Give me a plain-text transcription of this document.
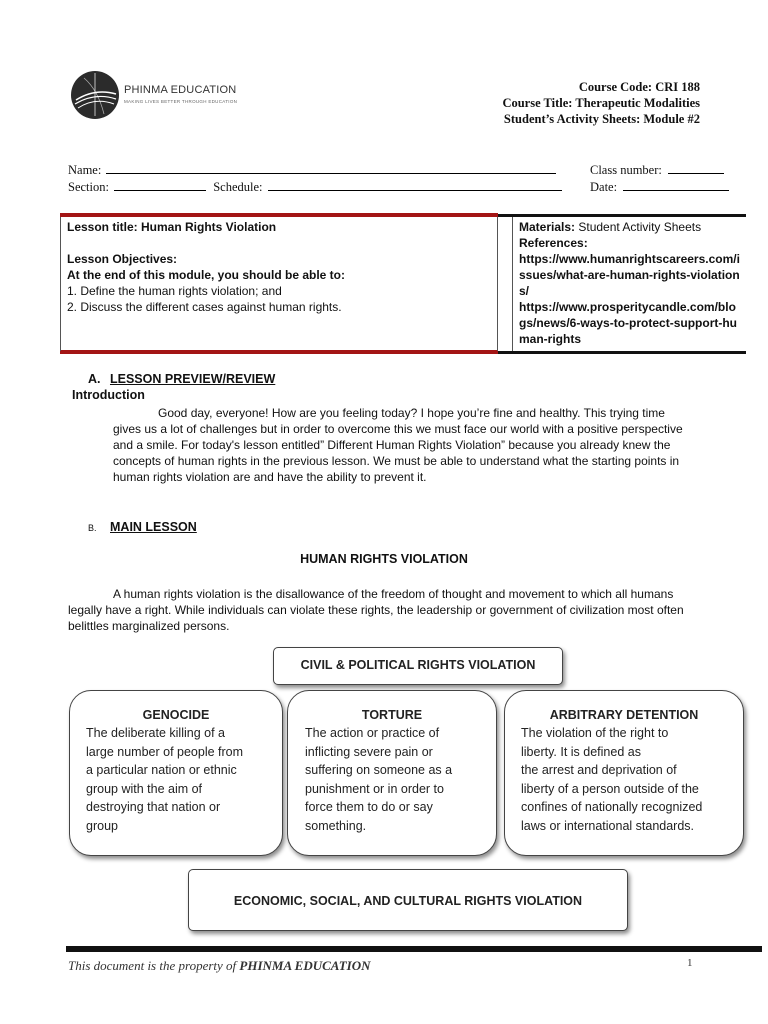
PHINMA EDUCATION
MAKING LIVES BETTER THROUGH EDUCATION
Course Code: CRI 188
Course Title: Therapeutic Modalities
Student’s Activity Sheets: Module #2
Name:	Class number:
Section:	Schedule:	Date:
Lesson title: Human Rights Violation
Lesson Objectives:
At the end of this module, you should be able to:
1. Define the human rights violation; and
2. Discuss the different cases against human rights.
Materials: Student Activity Sheets
References:
https://www.humanrightscareers.com/issues/what-are-human-rights-violations/
https://www.prosperitycandle.com/blogs/news/6-ways-to-protect-support-human-rights
A. LESSON PREVIEW/REVIEW
Introduction
Good day, everyone! How are you feeling today? I hope you’re fine and healthy. This trying time gives us a lot of challenges but in order to overcome this we must face our world with a positive perspective and a smile. For today's lesson entitled” Different Human Rights Violation” because you already knew the concepts of human rights in the previous lesson. We must be able to understand what the starting points in human rights violation are and have the ability to prevent it.
B. MAIN LESSON
HUMAN RIGHTS VIOLATION
A human rights violation is the disallowance of the freedom of thought and movement to which all humans legally have a right. While individuals can violate these rights, the leadership or government of civilization most often belittles marginalized persons.
CIVIL & POLITICAL RIGHTS VIOLATION
GENOCIDE
The deliberate killing of a
large number of people from
a particular nation or ethnic
group with the aim of
destroying that nation or
group
TORTURE
The action or practice of
inflicting severe pain or
suffering on someone as a
punishment or in order to
force them to do or say
something.
ARBITRARY DETENTION
The violation of the right to
liberty. It is defined as
the arrest and deprivation of
liberty of a person outside of the
confines of nationally recognized
laws or international standards.
ECONOMIC, SOCIAL, AND CULTURAL RIGHTS VIOLATION
This document is the property of PHINMA EDUCATION	1
